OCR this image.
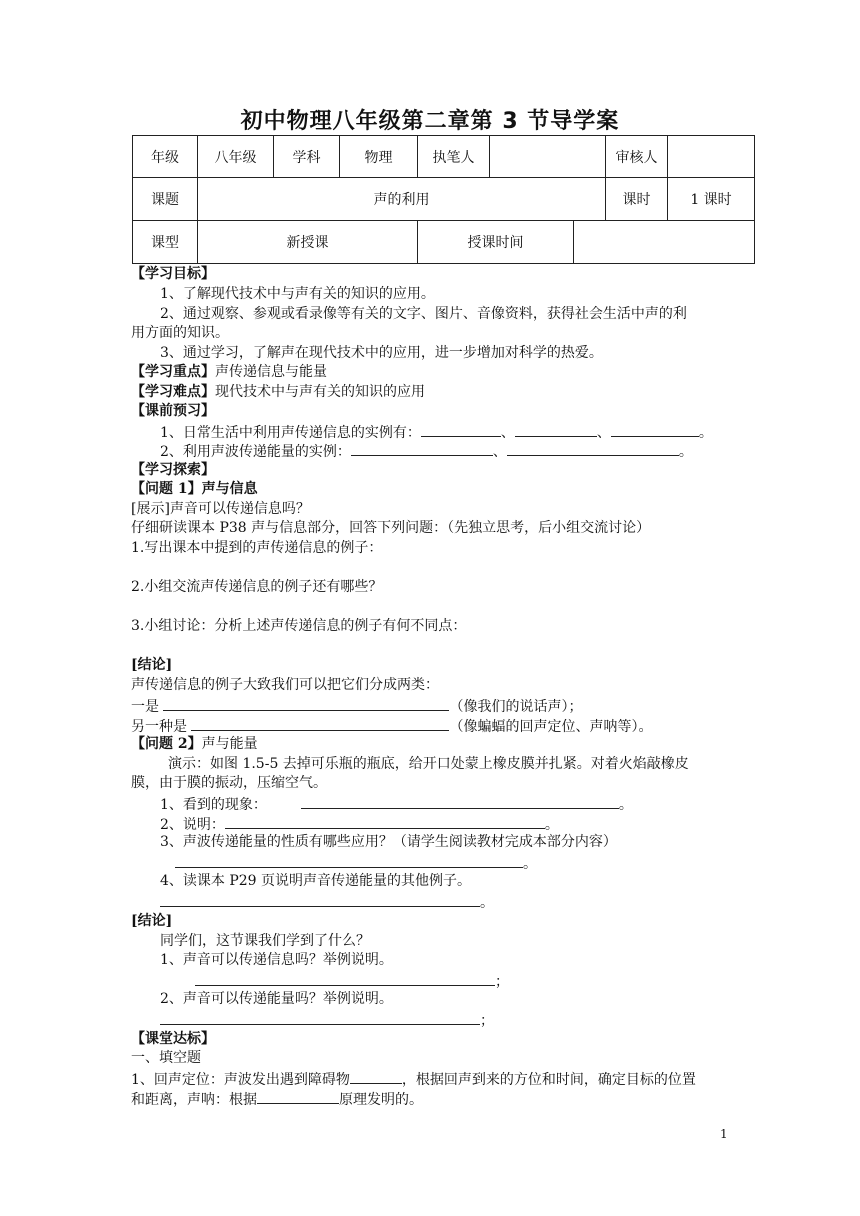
初中物理八年级第二章第 3 节导学案
年级	八年级	学科	物理	执笔人			审核人	
课题	声的利用						课时	1 课时
课型	新授课			授课时间				
【学习目标】
1、了解现代技术中与声有关的知识的应用。
2、通过观察、参观或看录像等有关的文字、图片、音像资料，获得社会生活中声的利
用方面的知识。
3、通过学习，了解声在现代技术中的应用，进一步增加对科学的热爱。
【学习重点】声传递信息与能量
【学习难点】现代技术中与声有关的知识的应用
【课前预习】
1、日常生活中利用声传递信息的实例有：	、	、	。
2、利用声波传递能量的实例：	、	。
【学习探索】
【问题 1】声与信息
[展示]声音可以传递信息吗？
仔细研读课本 P38 声与信息部分，回答下列问题：（先独立思考，后小组交流讨论）
1.写出课本中提到的声传递信息的例子：
2.小组交流声传递信息的例子还有哪些？
3.小组讨论：分析上述声传递信息的例子有何不同点：
[结论]
声传递信息的例子大致我们可以把它们分成两类：
一是	（像我们的说话声）；
另一种是	（像蝙蝠的回声定位、声呐等）。
【问题 2】声与能量
演示：如图 1.5-5 去掉可乐瓶的瓶底，给开口处蒙上橡皮膜并扎紧。对着火焰敲橡皮
膜，由于膜的振动，压缩空气。
1、看到的现象：	。
2、说明：	。
3、声波传递能量的性质有哪些应用？（请学生阅读教材完成本部分内容）
。
4、读课本 P29 页说明声音传递能量的其他例子。
。
[结论]
同学们，这节课我们学到了什么？
1、声音可以传递信息吗？举例说明。
；
2、声音可以传递能量吗？举例说明。
；
【课堂达标】
一、填空题
1、回声定位：声波发出遇到障碍物	，根据回声到来的方位和时间，确定目标的位置
和距离，声呐：根据	原理发明的。
1
